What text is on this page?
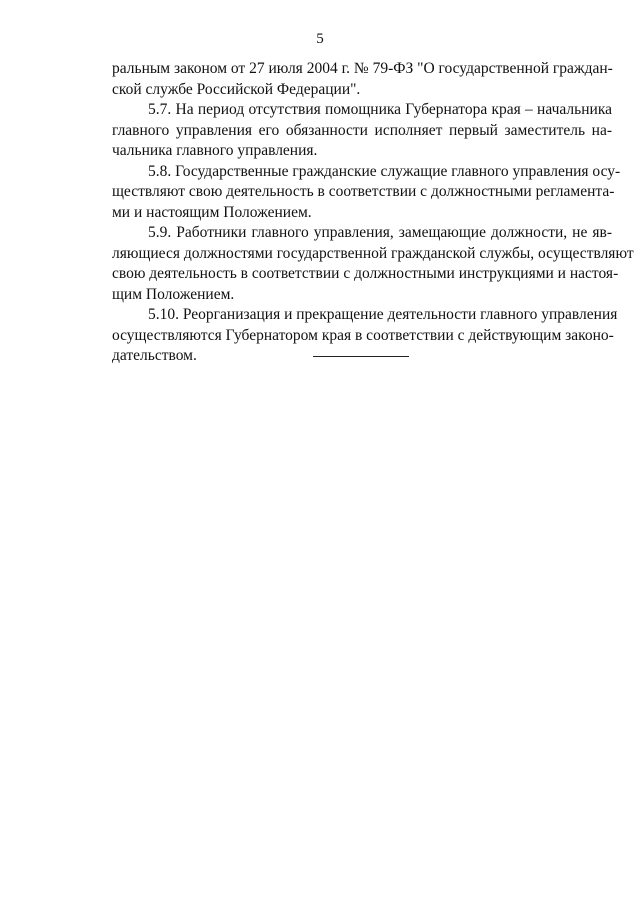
5
ральным законом от 27 июля 2004 г. № 79-ФЗ "О государственной граждан-
ской службе Российской Федерации".
5.7. На период отсутствия помощника Губернатора края – начальника
главного управления его обязанности исполняет первый заместитель на-
чальника главного управления.
5.8. Государственные гражданские служащие главного управления осу-
ществляют свою деятельность в соответствии с должностными регламента-
ми и настоящим Положением.
5.9. Работники главного управления, замещающие должности, не яв-
ляющиеся должностями государственной гражданской службы, осуществляют
свою деятельность в соответствии с должностными инструкциями и настоя-
щим Положением.
5.10. Реорганизация и прекращение деятельности главного управления
осуществляются Губернатором края в соответствии с действующим законо-
дательством.
